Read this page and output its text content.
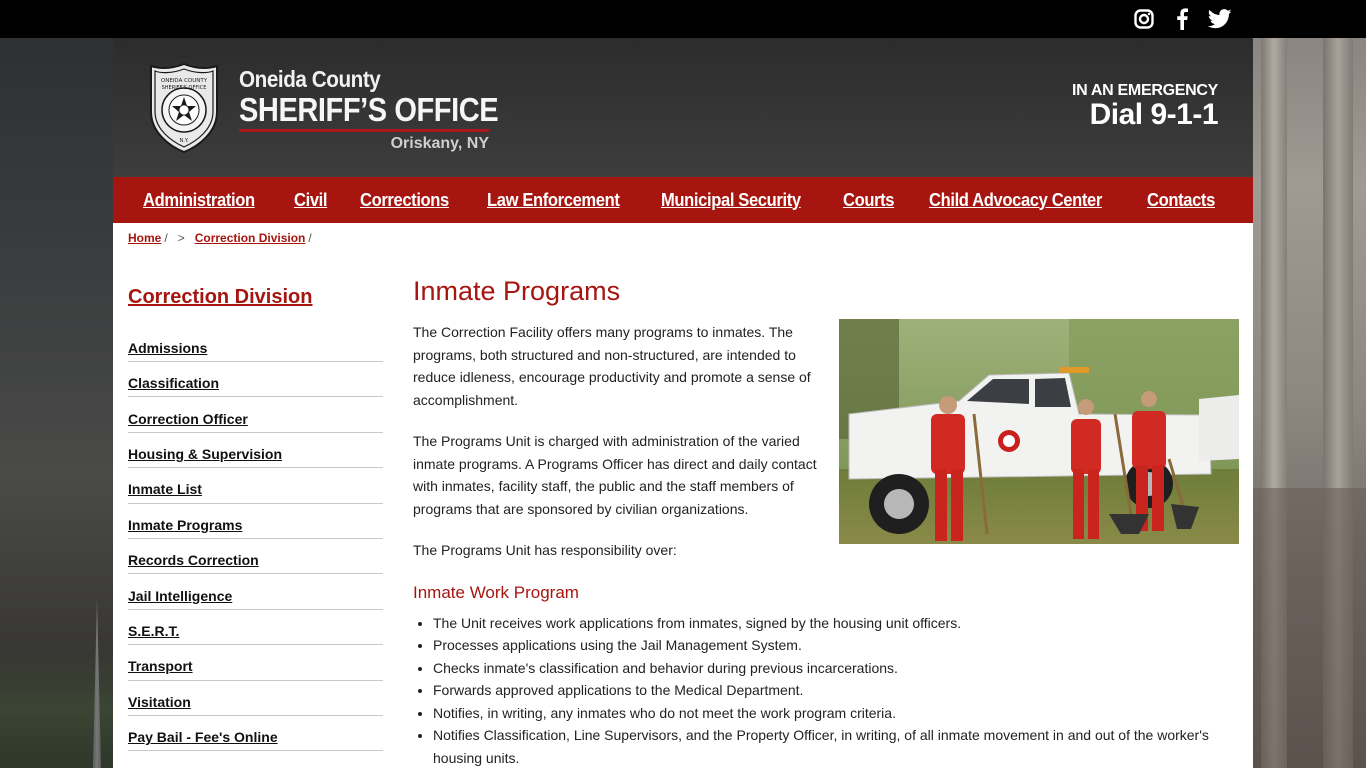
ONEIDA COUNTY
SHERIFF'S OFFICE
N.Y.
Oneida County
SHERIFF’S OFFICE
Oriskany, NY
IN AN EMERGENCY
Dial 9-1-1
Administration Civil Corrections Law Enforcement Municipal Security Courts Child Advocacy Center	Contacts
Home / > Correction Division /
Correction Division
Admissions
Classification
Correction Officer
Housing & Supervision
Inmate List
Inmate Programs
Records Correction
Jail Intelligence
S.E.R.T.
Transport
Visitation
Pay Bail - Fee's Online
Inmate Programs

The Correction Facility offers many programs to inmates. The programs, both structured and non-structured, are intended to reduce idleness, encourage productivity and promote a sense of accomplishment.

The Programs Unit is charged with administration of the varied inmate programs. A Programs Officer has direct and daily contact with inmates, facility staff, the public and the staff members of programs that are sponsored by civilian organizations.

The Programs Unit has responsibility over:

Inmate Work Program
• The Unit receives work applications from inmates, signed by the housing unit officers.
• Processes applications using the Jail Management System.
• Checks inmate's classification and behavior during previous incarcerations.
• Forwards approved applications to the Medical Department.
• Notifies, in writing, any inmates who do not meet the work program criteria.
• Notifies Classification, Line Supervisors, and the Property Officer, in writing, of all inmate movement in and out of the worker's housing units.
